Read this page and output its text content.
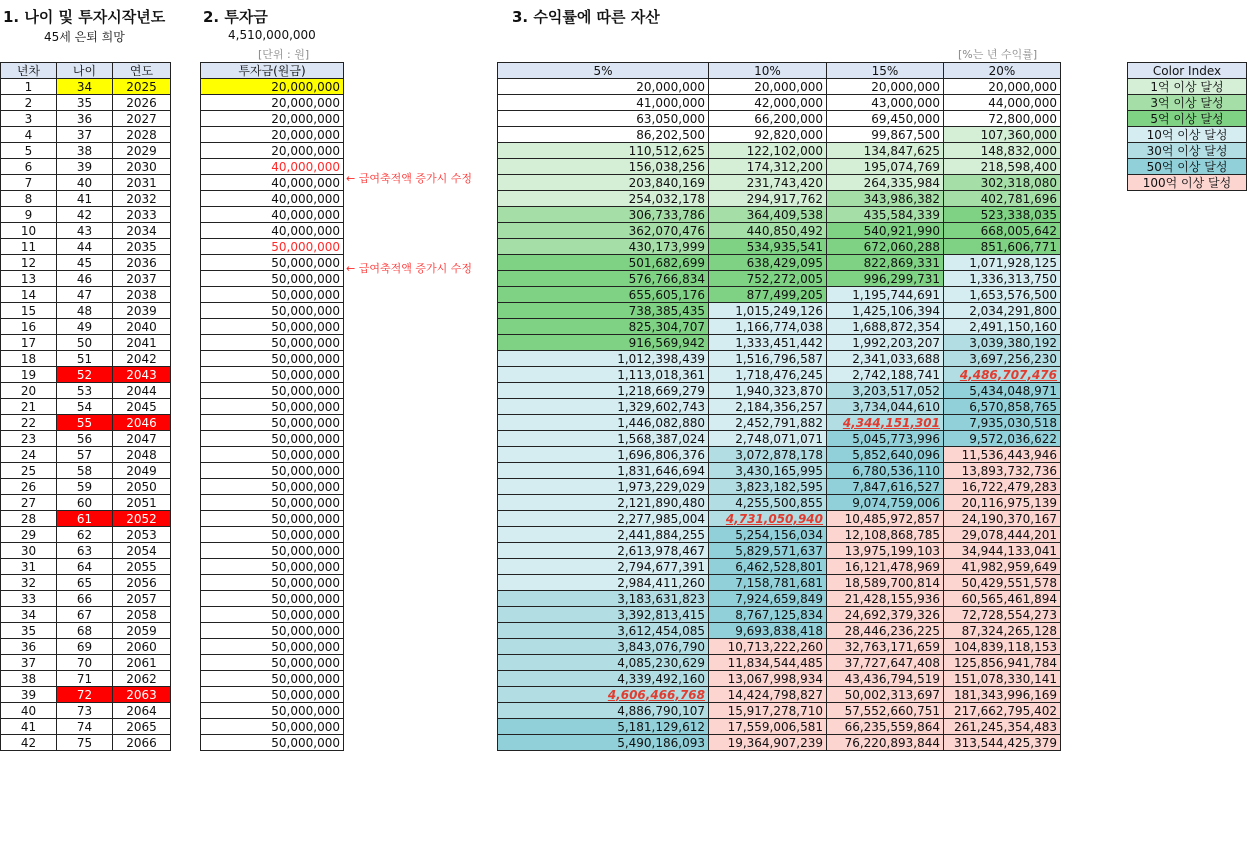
1. 나이 및 투자시작년도
45세 은퇴 희망
2. 투자금
4,510,000,000
[단위 : 원]
3. 수익률에 따른 자산
[%는 년 수익률]
년차	나이	연도
1	34	2025
2	35	2026
3	36	2027
4	37	2028
5	38	2029
6	39	2030
7	40	2031
8	41	2032
9	42	2033
10	43	2034
11	44	2035
12	45	2036
13	46	2037
14	47	2038
15	48	2039
16	49	2040
17	50	2041
18	51	2042
19	52	2043
20	53	2044
21	54	2045
22	55	2046
23	56	2047
24	57	2048
25	58	2049
26	59	2050
27	60	2051
28	61	2052
29	62	2053
30	63	2054
31	64	2055
32	65	2056
33	66	2057
34	67	2058
35	68	2059
36	69	2060
37	70	2061
38	71	2062
39	72	2063
40	73	2064
41	74	2065
42	75	2066
투자금(원금)
20,000,000
20,000,000
20,000,000
20,000,000
20,000,000
40,000,000
40,000,000
40,000,000
40,000,000
40,000,000
50,000,000
50,000,000
50,000,000
50,000,000
50,000,000
50,000,000
50,000,000
50,000,000
50,000,000
50,000,000
50,000,000
50,000,000
50,000,000
50,000,000
50,000,000
50,000,000
50,000,000
50,000,000
50,000,000
50,000,000
50,000,000
50,000,000
50,000,000
50,000,000
50,000,000
50,000,000
50,000,000
50,000,000
50,000,000
50,000,000
50,000,000
50,000,000
← 급여축적액 증가시 수정
← 급여축적액 증가시 수정
5%	10%	15%	20%
20,000,000	20,000,000	20,000,000	20,000,000
41,000,000	42,000,000	43,000,000	44,000,000
63,050,000	66,200,000	69,450,000	72,800,000
86,202,500	92,820,000	99,867,500	107,360,000
110,512,625	122,102,000	134,847,625	148,832,000
156,038,256	174,312,200	195,074,769	218,598,400
203,840,169	231,743,420	264,335,984	302,318,080
254,032,178	294,917,762	343,986,382	402,781,696
306,733,786	364,409,538	435,584,339	523,338,035
362,070,476	440,850,492	540,921,990	668,005,642
430,173,999	534,935,541	672,060,288	851,606,771
501,682,699	638,429,095	822,869,331	1,071,928,125
576,766,834	752,272,005	996,299,731	1,336,313,750
655,605,176	877,499,205	1,195,744,691	1,653,576,500
738,385,435	1,015,249,126	1,425,106,394	2,034,291,800
825,304,707	1,166,774,038	1,688,872,354	2,491,150,160
916,569,942	1,333,451,442	1,992,203,207	3,039,380,192
1,012,398,439	1,516,796,587	2,341,033,688	3,697,256,230
1,113,018,361	1,718,476,245	2,742,188,741	4,486,707,476
1,218,669,279	1,940,323,870	3,203,517,052	5,434,048,971
1,329,602,743	2,184,356,257	3,734,044,610	6,570,858,765
1,446,082,880	2,452,791,882	4,344,151,301	7,935,030,518
1,568,387,024	2,748,071,071	5,045,773,996	9,572,036,622
1,696,806,376	3,072,878,178	5,852,640,096	11,536,443,946
1,831,646,694	3,430,165,995	6,780,536,110	13,893,732,736
1,973,229,029	3,823,182,595	7,847,616,527	16,722,479,283
2,121,890,480	4,255,500,855	9,074,759,006	20,116,975,139
2,277,985,004	4,731,050,940	10,485,972,857	24,190,370,167
2,441,884,255	5,254,156,034	12,108,868,785	29,078,444,201
2,613,978,467	5,829,571,637	13,975,199,103	34,944,133,041
2,794,677,391	6,462,528,801	16,121,478,969	41,982,959,649
2,984,411,260	7,158,781,681	18,589,700,814	50,429,551,578
3,183,631,823	7,924,659,849	21,428,155,936	60,565,461,894
3,392,813,415	8,767,125,834	24,692,379,326	72,728,554,273
3,612,454,085	9,693,838,418	28,446,236,225	87,324,265,128
3,843,076,790	10,713,222,260	32,763,171,659	104,839,118,153
4,085,230,629	11,834,544,485	37,727,647,408	125,856,941,784
4,339,492,160	13,067,998,934	43,436,794,519	151,078,330,141
4,606,466,768	14,424,798,827	50,002,313,697	181,343,996,169
4,886,790,107	15,917,278,710	57,552,660,751	217,662,795,402
5,181,129,612	17,559,006,581	66,235,559,864	261,245,354,483
5,490,186,093	19,364,907,239	76,220,893,844	313,544,425,379
Color Index
1억 이상 달성
3억 이상 달성
5억 이상 달성
10억 이상 달성
30억 이상 달성
50억 이상 달성
100억 이상 달성
